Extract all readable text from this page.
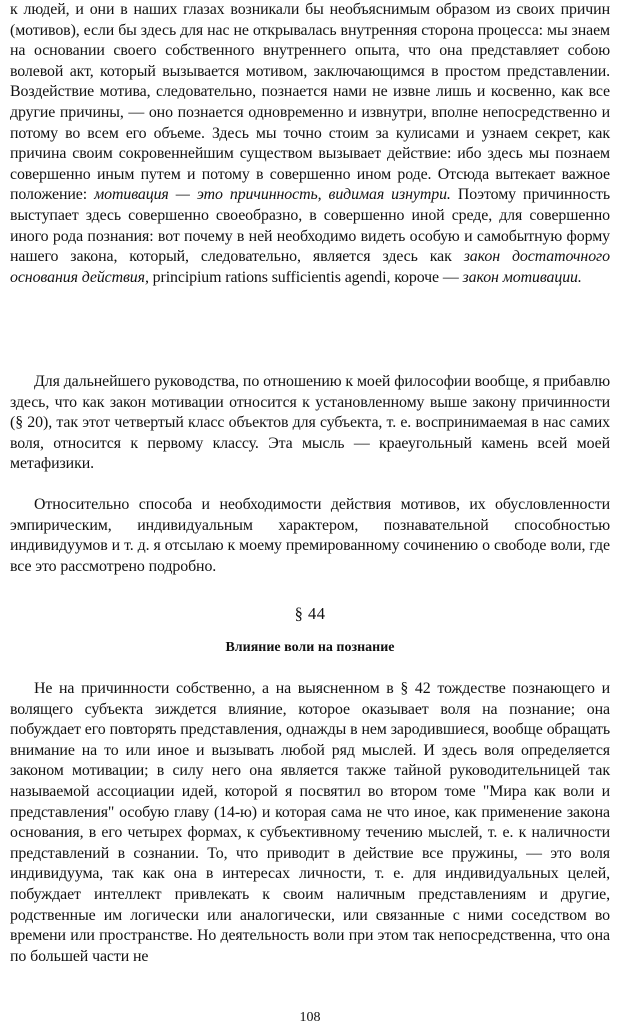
к людей, и они в наших глазах возникали бы необъяснимым образом из своих причин (мотивов), если бы здесь для нас не открывалась внутренняя сторона процесса: мы знаем на основании своего собственного внутреннего опыта, что она представляет собою волевой акт, который вызывается мотивом, заключающимся в простом представлении. Воздействие мотива, следовательно, познается нами не извне лишь и косвенно, как все другие причины, — оно познается одновременно и извнутри, вполне непосредственно и потому во всем его объеме. Здесь мы точно стоим за кулисами и узнаем секрет, как причина своим сокровеннейшим существом вызывает действие: ибо здесь мы познаем совершенно иным путем и потому в совершенно ином роде. Отсюда вытекает важное положение: мотивация — это причинность, видимая изнутри. Поэтому причинность выступает здесь совершенно своеобразно, в совершенно иной среде, для совершенно иного рода познания: вот почему в ней необходимо видеть особую и самобытную форму нашего закона, который, следовательно, является здесь как закон достаточного основания действия, principium rations sufficientis agendi, короче — закон мотивации.

Для дальнейшего руководства, по отношению к моей философии вообще, я прибавлю здесь, что как закон мотивации относится к установленному выше закону причинности (§ 20), так этот четвертый класс объектов для субъекта, т. е. воспринимаемая в нас самих воля, относится к первому классу. Эта мысль — краеугольный камень всей моей метафизики.

Относительно способа и необходимости действия мотивов, их обусловленности эмпирическим, индивидуальным характером, познавательной способностью индивидуумов и т. д. я отсылаю к моему премированному сочинению о свободе воли, где все это рассмотрено подробно.

§ 44
Влияние воли на познание

Не на причинности собственно, а на выясненном в § 42 тождестве познающего и волящего субъекта зиждется влияние, которое оказывает воля на познание; она побуждает его повторять представления, однажды в нем зародившиеся, вообще обращать внимание на то или иное и вызывать любой ряд мыслей. И здесь воля определяется законом мотивации; в силу него она является также тайной руководительницей так называемой ассоциации идей, которой я посвятил во втором томе "Мира как воли и представления" особую главу (14-ю) и которая сама не что иное, как применение закона основания, в его четырех формах, к субъективному течению мыслей, т. е. к наличности представлений в сознании. То, что приводит в действие все пружины, — это воля индивидуума, так как она в интересах личности, т. е. для индивидуальных целей, побуждает интеллект привлекать к своим наличным представлениям и другие, родственные им логически или аналогически, или связанные с ними соседством во времени или пространстве. Но деятельность воли при этом так непосредственна, что она по большей части не

108
